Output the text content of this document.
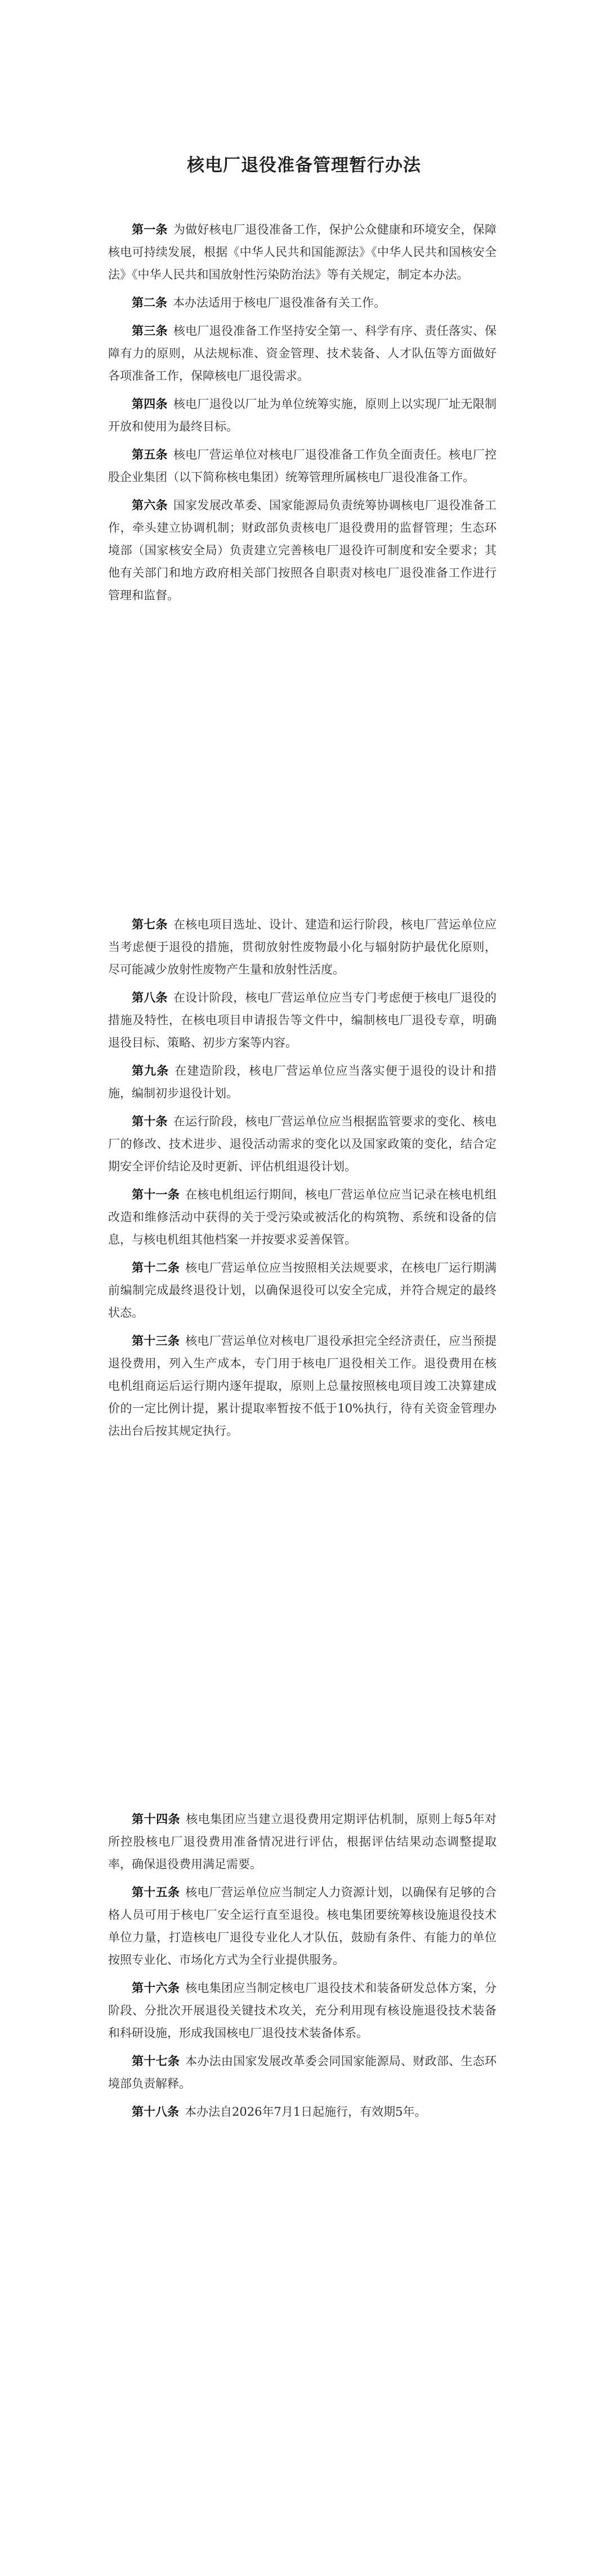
核电厂退役准备管理暂行办法

第一条 为做好核电厂退役准备工作，保护公众健康和环境安全，保障核电可持续发展，根据《中华人民共和国能源法》《中华人民共和国核安全法》《中华人民共和国放射性污染防治法》等有关规定，制定本办法。

第二条 本办法适用于核电厂退役准备有关工作。

第三条 核电厂退役准备工作坚持安全第一、科学有序、责任落实、保障有力的原则，从法规标准、资金管理、技术装备、人才队伍等方面做好各项准备工作，保障核电厂退役需求。

第四条 核电厂退役以厂址为单位统筹实施，原则上以实现厂址无限制开放和使用为最终目标。

第五条 核电厂营运单位对核电厂退役准备工作负全面责任。核电厂控股企业集团（以下简称核电集团）统筹管理所属核电厂退役准备工作。

第六条 国家发展改革委、国家能源局负责统筹协调核电厂退役准备工作，牵头建立协调机制；财政部负责核电厂退役费用的监督管理；生态环境部（国家核安全局）负责建立完善核电厂退役许可制度和安全要求；其他有关部门和地方政府相关部门按照各自职责对核电厂退役准备工作进行管理和监督。

第七条 在核电项目选址、设计、建造和运行阶段，核电厂营运单位应当考虑便于退役的措施，贯彻放射性废物最小化与辐射防护最优化原则，尽可能减少放射性废物产生量和放射性活度。

第八条 在设计阶段，核电厂营运单位应当专门考虑便于核电厂退役的措施及特性，在核电项目申请报告等文件中，编制核电厂退役专章，明确退役目标、策略、初步方案等内容。

第九条 在建造阶段，核电厂营运单位应当落实便于退役的设计和措施，编制初步退役计划。

第十条 在运行阶段，核电厂营运单位应当根据监管要求的变化、核电厂的修改、技术进步、退役活动需求的变化以及国家政策的变化，结合定期安全评价结论及时更新、评估机组退役计划。

第十一条 在核电机组运行期间，核电厂营运单位应当记录在核电机组改造和维修活动中获得的关于受污染或被活化的构筑物、系统和设备的信息，与核电机组其他档案一并按要求妥善保管。

第十二条 核电厂营运单位应当按照相关法规要求，在核电厂运行期满前编制完成最终退役计划，以确保退役可以安全完成，并符合规定的最终状态。

第十三条 核电厂营运单位对核电厂退役承担完全经济责任，应当预提退役费用，列入生产成本，专门用于核电厂退役相关工作。退役费用在核电机组商运后运行期内逐年提取，原则上总量按照核电项目竣工决算建成价的一定比例计提，累计提取率暂按不低于10%执行，待有关资金管理办法出台后按其规定执行。

第十四条 核电集团应当建立退役费用定期评估机制，原则上每5年对所控股核电厂退役费用准备情况进行评估，根据评估结果动态调整提取率，确保退役费用满足需要。

第十五条 核电厂营运单位应当制定人力资源计划，以确保有足够的合格人员可用于核电厂安全运行直至退役。核电集团要统筹核设施退役技术单位力量，打造核电厂退役专业化人才队伍，鼓励有条件、有能力的单位按照专业化、市场化方式为全行业提供服务。

第十六条 核电集团应当制定核电厂退役技术和装备研发总体方案，分阶段、分批次开展退役关键技术攻关，充分利用现有核设施退役技术装备和科研设施，形成我国核电厂退役技术装备体系。

第十七条 本办法由国家发展改革委会同国家能源局、财政部、生态环境部负责解释。

第十八条 本办法自2026年7月1日起施行，有效期5年。
